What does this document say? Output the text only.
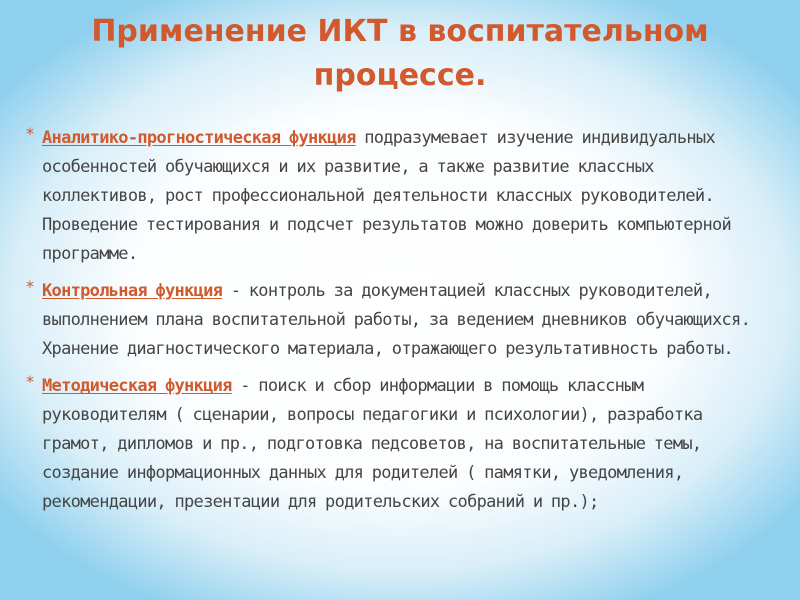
Применение ИКТ в воспитательном процессе.
* Аналитико-прогностическая функция подразумевает изучение индивидуальных особенностей обучающихся и их развитие, а также развитие классных коллективов, рост профессиональной деятельности классных руководителей. Проведение тестирования и подсчет результатов можно доверить компьютерной программе.
* Контрольная функция - контроль за документацией классных руководителей, выполнением плана воспитательной работы, за ведением дневников обучающихся. Хранение диагностического материала, отражающего результативность работы.
* Методическая функция - поиск и сбор информации в помощь классным руководителям ( сценарии, вопросы педагогики и психологии), разработка грамот, дипломов и пр., подготовка педсоветов, на воспитательные темы, создание информационных данных для родителей ( памятки, уведомления, рекомендации, презентации для родительских собраний и пр.);
